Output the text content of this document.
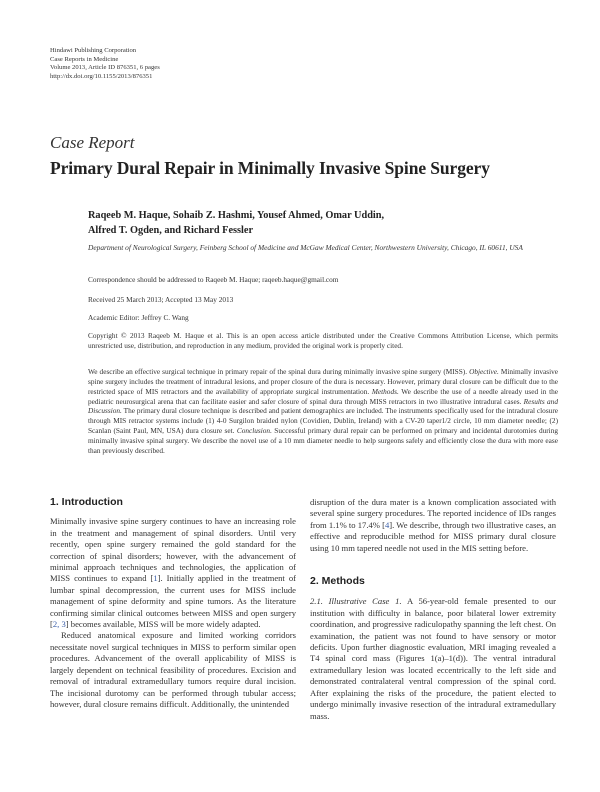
Hindawi Publishing Corporation
Case Reports in Medicine
Volume 2013, Article ID 876351, 6 pages
http://dx.doi.org/10.1155/2013/876351
Case Report
Primary Dural Repair in Minimally Invasive Spine Surgery
Raqeeb M. Haque, Sohaib Z. Hashmi, Yousef Ahmed, Omar Uddin,
Alfred T. Ogden, and Richard Fessler
Department of Neurological Surgery, Feinberg School of Medicine and McGaw Medical Center, Northwestern University, Chicago, IL 60611, USA
Correspondence should be addressed to Raqeeb M. Haque; raqeeb.haque@gmail.com
Received 25 March 2013; Accepted 13 May 2013
Academic Editor: Jeffrey C. Wang
Copyright © 2013 Raqeeb M. Haque et al. This is an open access article distributed under the Creative Commons Attribution License, which permits unrestricted use, distribution, and reproduction in any medium, provided the original work is properly cited.
We describe an effective surgical technique in primary repair of the spinal dura during minimally invasive spine surgery (MISS). Objective. Minimally invasive spine surgery includes the treatment of intradural lesions, and proper closure of the dura is necessary. However, primary dural closure can be difficult due to the restricted space of MIS retractors and the availability of appropriate surgical instrumentation. Methods. We describe the use of a needle already used in the pediatric neurosurgical arena that can facilitate easier and safer closure of spinal dura through MISS retractors in two illustrative intradural cases. Results and Discussion. The primary dural closure technique is described and patient demographics are included. The instruments specifically used for the intradural closure through MIS retractor systems include (1) 4-0 Surgilon braided nylon (Covidien, Dublin, Ireland) with a CV-20 taper1/2 circle, 10 mm diameter needle; (2) Scanlan (Saint Paul, MN, USA) dura closure set. Conclusion. Successful primary dural repair can be performed on primary and incidental durotomies during minimally invasive spinal surgery. We describe the novel use of a 10 mm diameter needle to help surgeons safely and efficiently close the dura with more ease than previously described.
1. Introduction

Minimally invasive spine surgery continues to have an increasing role in the treatment and management of spinal disorders. Until very recently, open spine surgery remained the gold standard for the correction of spinal disorders; however, with the advancement of minimal approach techniques and technologies, the application of MISS continues to expand [1]. Initially applied in the treatment of lumbar spinal decompression, the current uses for MISS include management of spine deformity and spine tumors. As the literature confirming similar clinical outcomes between MISS and open surgery [2, 3] becomes available, MISS will be more widely adapted.

Reduced anatomical exposure and limited working corridors necessitate novel surgical techniques in MISS to perform similar open procedures. Advancement of the overall applicability of MISS is largely dependent on technical feasibility of procedures. Excision and removal of intradural extramedullary tumors require dural incision. The incisional durotomy can be performed through tubular access; however, dural closure remains difficult. Additionally, the unintended

disruption of the dura mater is a known complication associated with several spine surgery procedures. The reported incidence of IDs ranges from 1.1% to 17.4% [4]. We describe, through two illustrative cases, an effective and reproducible method for MISS primary dural closure using 10 mm tapered needle not used in the MIS setting before.

2. Methods

2.1. Illustrative Case 1. A 56-year-old female presented to our institution with difficulty in balance, poor bilateral lower extremity coordination, and progressive radiculopathy spanning the left chest. On examination, the patient was not found to have sensory or motor deficits. Upon further diagnostic evaluation, MRI imaging revealed a T4 spinal cord mass (Figures 1(a)–1(d)). The ventral intradural extramedullary lesion was located eccentrically to the left side and demonstrated contralateral ventral compression of the spinal cord. After explaining the risks of the procedure, the patient elected to undergo minimally invasive resection of the intradural extramedullary mass.
